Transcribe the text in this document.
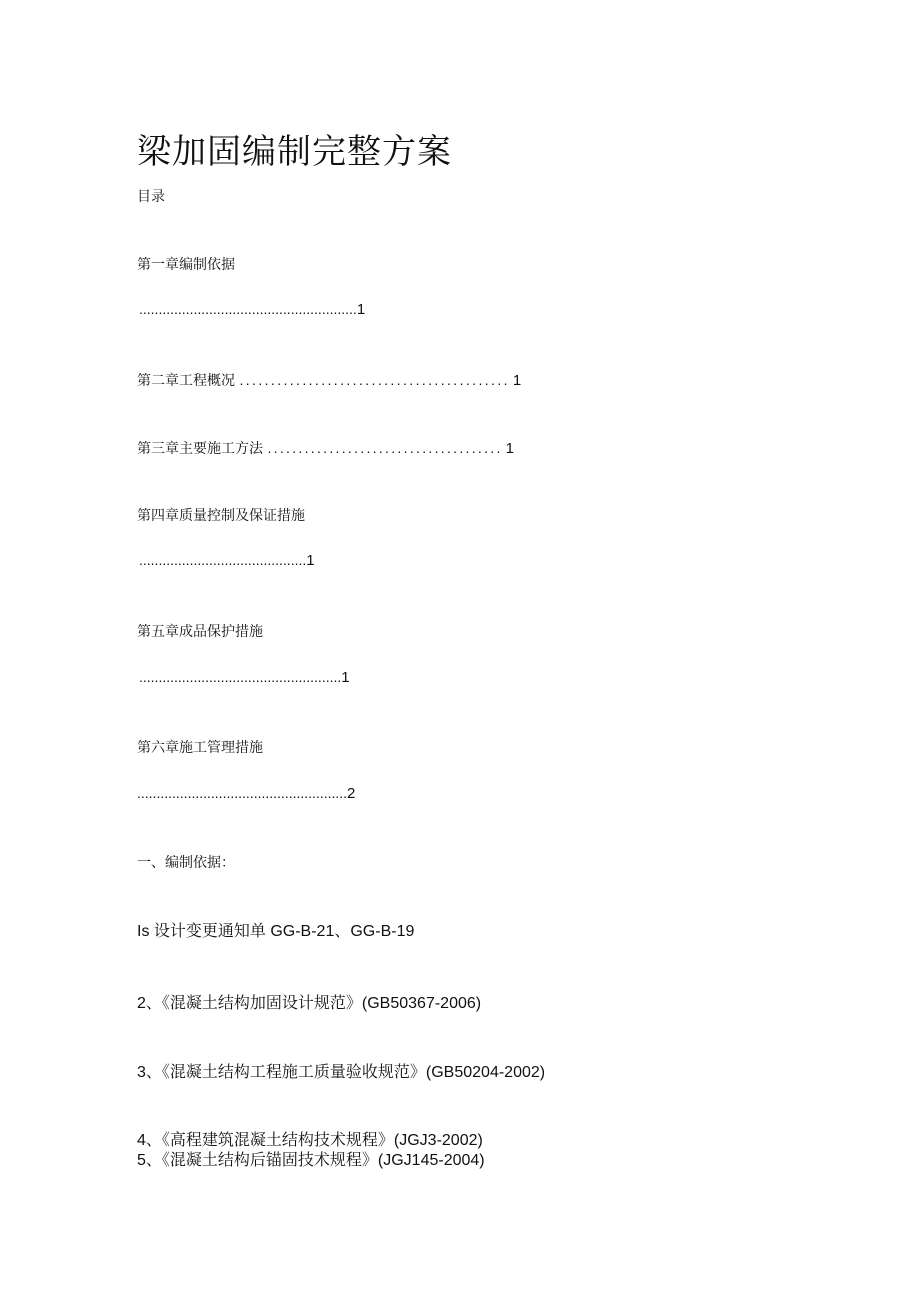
梁加固编制完整方案
目录
第一章编制依据
........................................................1
第二章工程概况 ........................................... 1
第三章主要施工方法 ...................................... 1
第四章质量控制及保证措施
...........................................1
第五章成品保护措施
....................................................1
第六章施工管理措施
......................................................2
一、编制依据：
Is 设计变更通知单 GG-B-21、GG-B-19
2、《混凝土结构加固设计规范》(GB50367-2006)
3、《混凝土结构工程施工质量验收规范》(GB50204-2002)
4、《高程建筑混凝土结构技术规程》(JGJ3-2002)
5、《混凝土结构后锚固技术规程》(JGJ145-2004)
